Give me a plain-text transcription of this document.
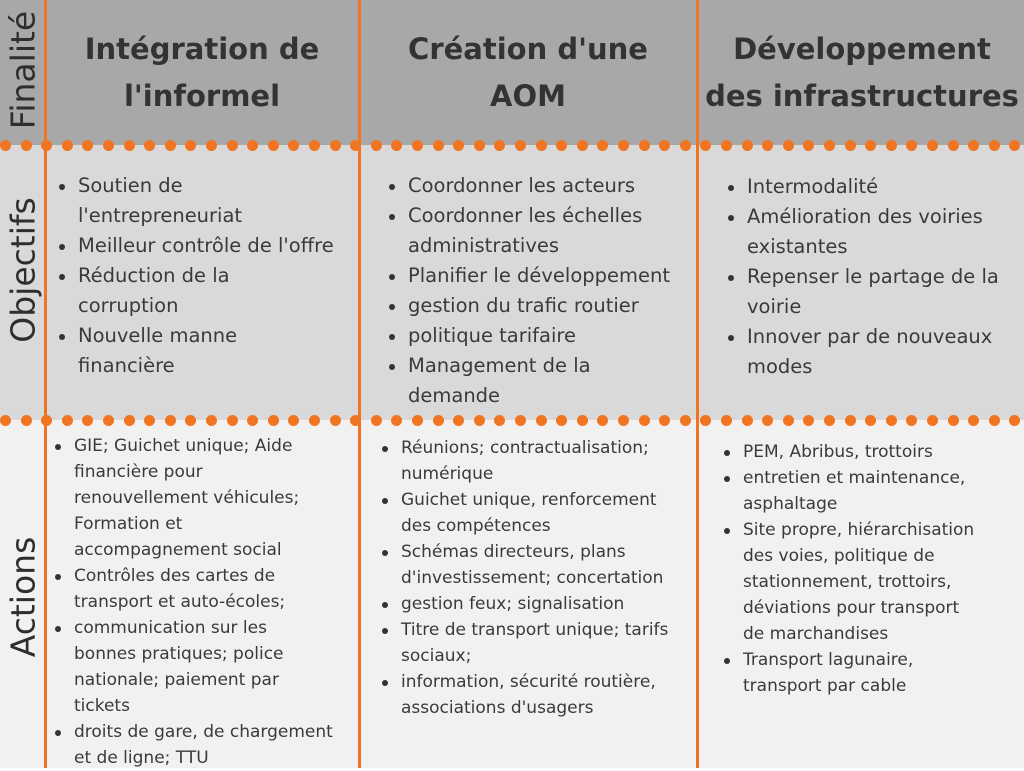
Finalité
Objectifs
Actions
Intégration de
l'informel
Soutien de
l'entrepreneuriat
Meilleur contrôle de l'offre
Réduction de la
corruption
Nouvelle manne
financière
GIE; Guichet unique; Aide
financière pour
renouvellement véhicules;
Formation et
accompagnement social
Contrôles des cartes de
transport et auto-écoles;
communication sur les
bonnes pratiques; police
nationale; paiement par
tickets
droits de gare, de chargement
et de ligne; TTU
Création d'une
AOM
Coordonner les acteurs
Coordonner les échelles
administratives
Planifier le développement
gestion du trafic routier
politique tarifaire
Management de la
demande
Réunions; contractualisation;
numérique
Guichet unique, renforcement
des compétences
Schémas directeurs, plans
d'investissement; concertation
gestion feux; signalisation
Titre de transport unique; tarifs
sociaux;
information, sécurité routière,
associations d'usagers
Développement
des infrastructures
Intermodalité
Amélioration des voiries
existantes
Repenser le partage de la
voirie
Innover par de nouveaux
modes
PEM, Abribus, trottoirs
entretien et maintenance,
asphaltage
Site propre, hiérarchisation
des voies, politique de
stationnement, trottoirs,
déviations pour transport
de marchandises
Transport lagunaire,
transport par cable
